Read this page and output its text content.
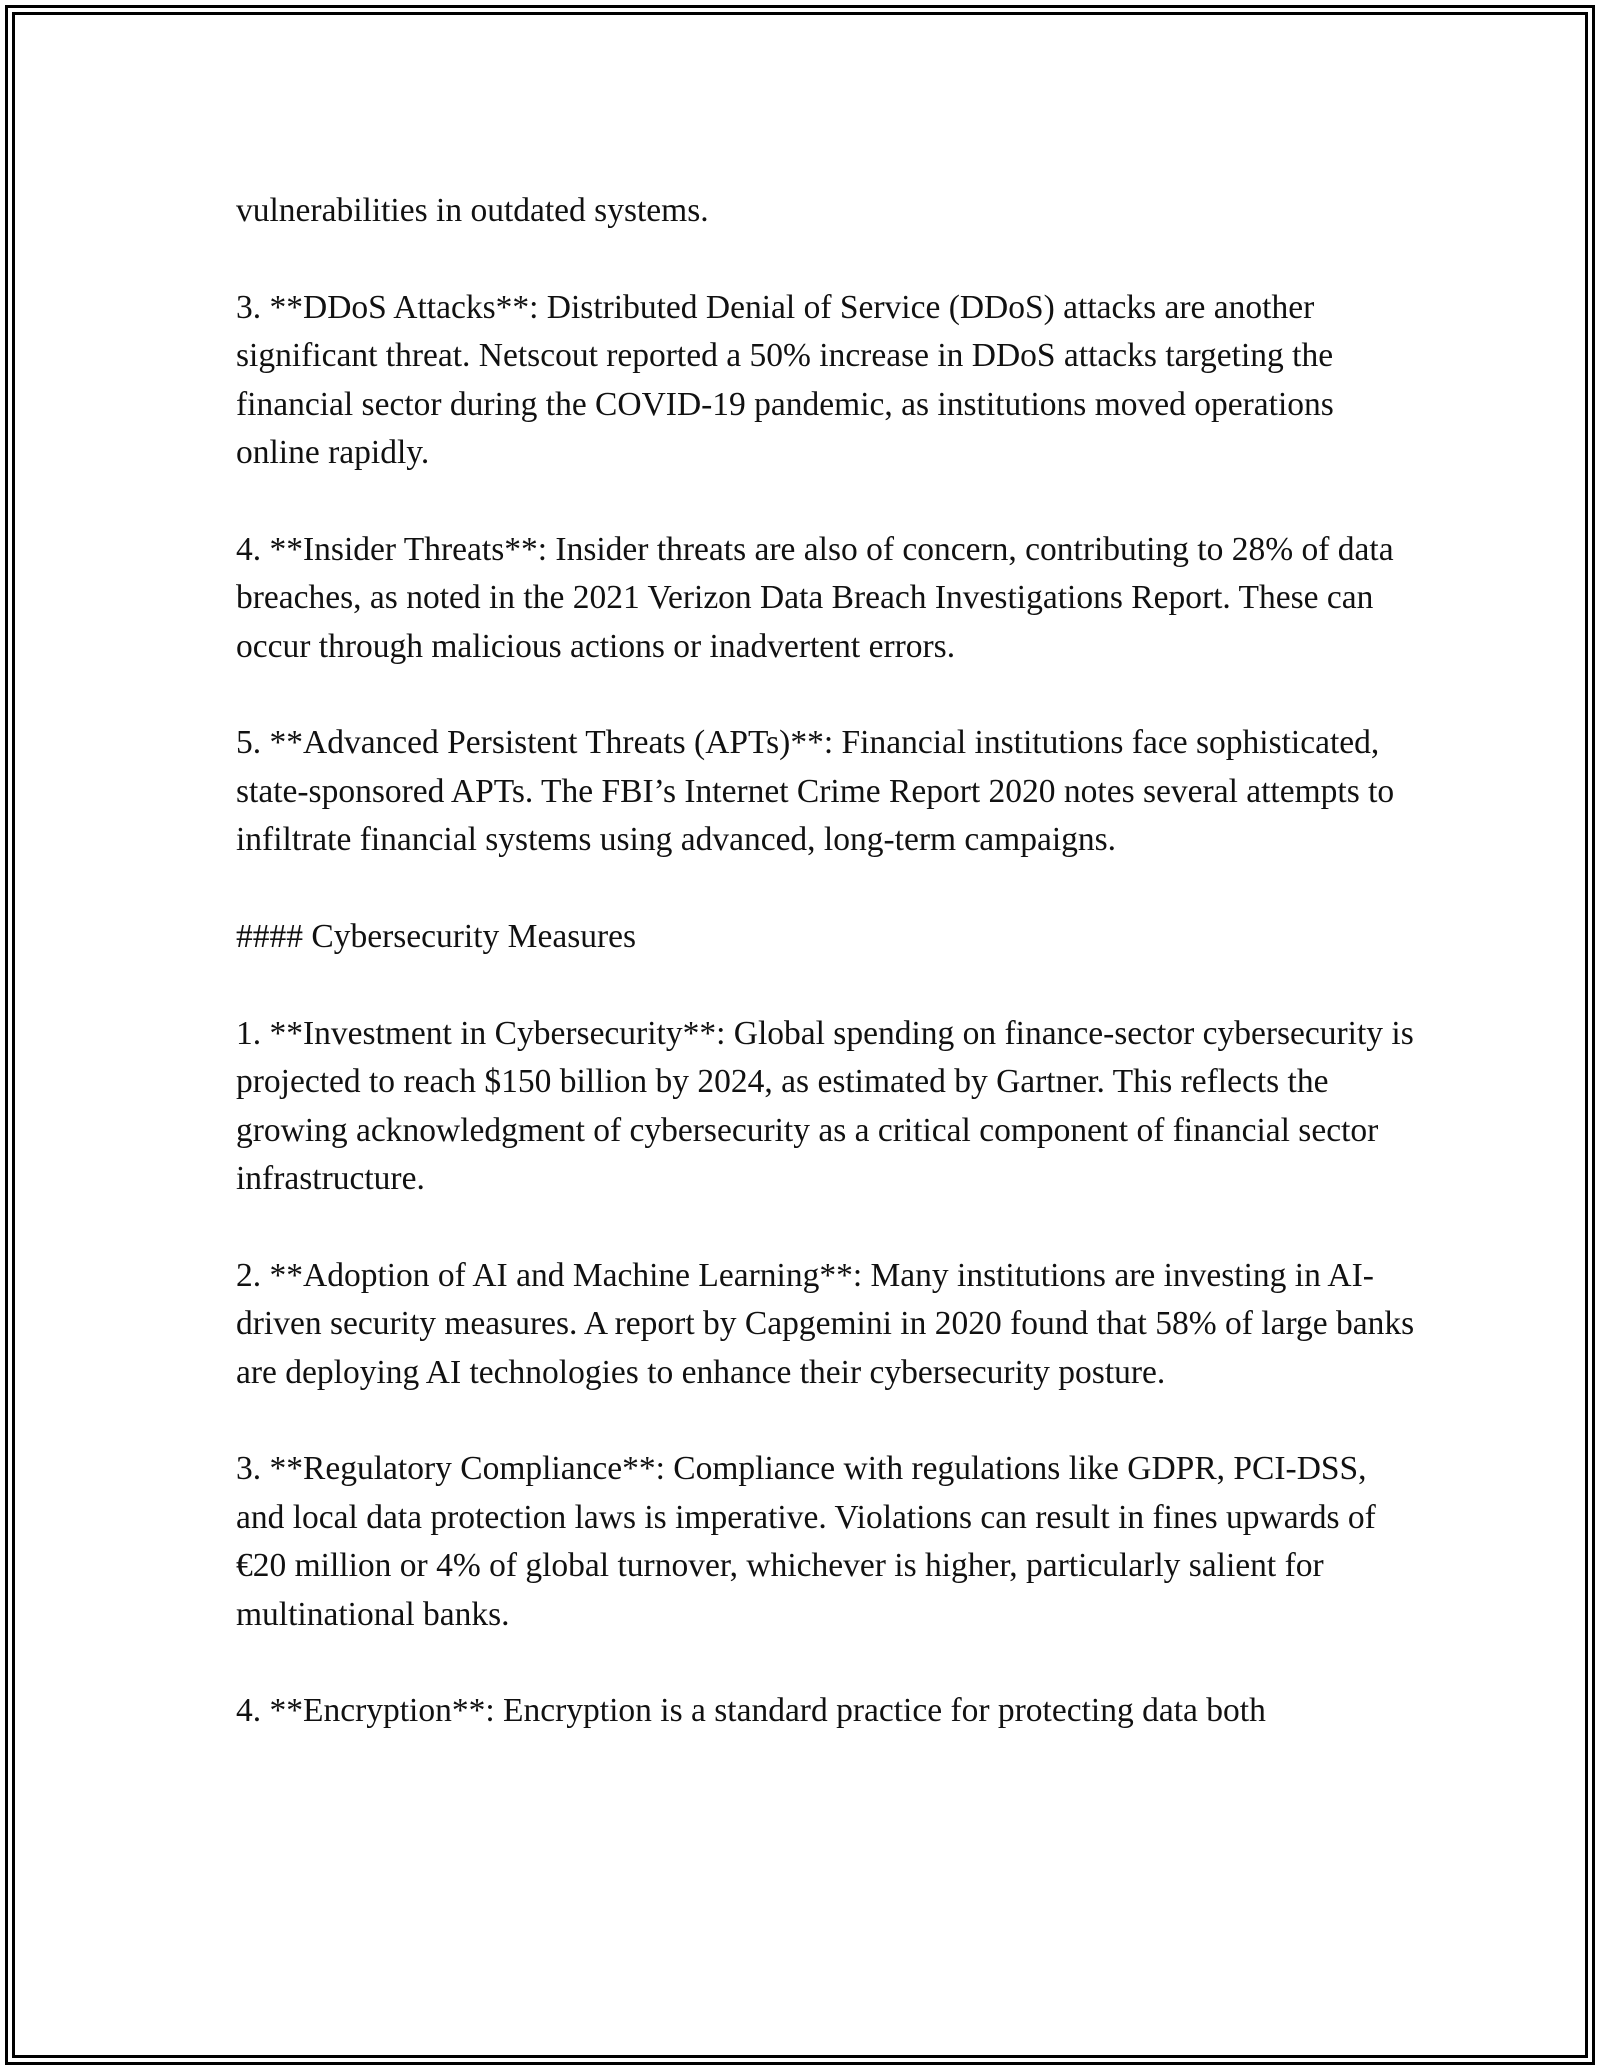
vulnerabilities in outdated systems.

3. **DDoS Attacks**: Distributed Denial of Service (DDoS) attacks are another significant threat. Netscout reported a 50% increase in DDoS attacks targeting the financial sector during the COVID-19 pandemic, as institutions moved operations online rapidly.

4. **Insider Threats**: Insider threats are also of concern, contributing to 28% of data breaches, as noted in the 2021 Verizon Data Breach Investigations Report. These can occur through malicious actions or inadvertent errors.

5. **Advanced Persistent Threats (APTs)**: Financial institutions face sophisticated, state-sponsored APTs. The FBI’s Internet Crime Report 2020 notes several attempts to infiltrate financial systems using advanced, long-term campaigns.

#### Cybersecurity Measures

1. **Investment in Cybersecurity**: Global spending on finance-sector cybersecurity is projected to reach $150 billion by 2024, as estimated by Gartner. This reflects the growing acknowledgment of cybersecurity as a critical component of financial sector infrastructure.

2. **Adoption of AI and Machine Learning**: Many institutions are investing in AI-driven security measures. A report by Capgemini in 2020 found that 58% of large banks are deploying AI technologies to enhance their cybersecurity posture.

3. **Regulatory Compliance**: Compliance with regulations like GDPR, PCI-DSS, and local data protection laws is imperative. Violations can result in fines upwards of €20 million or 4% of global turnover, whichever is higher, particularly salient for multinational banks.

4. **Encryption**: Encryption is a standard practice for protecting data both
